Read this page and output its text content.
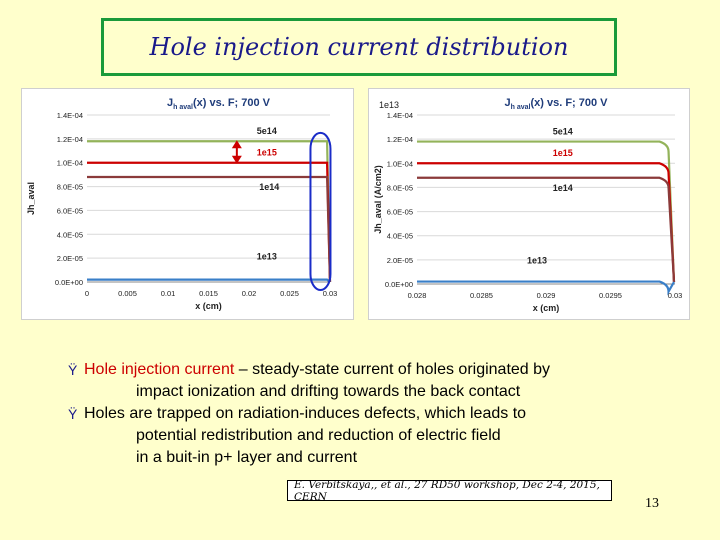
Hole injection current distribution
0.0E+00
2.0E-05
4.0E-05
6.0E-05
8.0E-05
1.0E-04
1.2E-04
1.4E-04
0	0.005	0.01	0.015	0.02	0.025	0.03
x (cm)
Jh_aval
$J_{h aval}(x)$ vs. F; 700 V
5e14
1e15
1e14
1e13
0.0E+00
2.0E-05
4.0E-05
6.0E-05
8.0E-05
1.0E-04
1.2E-04
1.4E-04
0.028	0.0285	0.029	0.0295	0.03
x (cm)
Jh_aval (A/cm2)
$J_{h aval}(x)$ vs. F; 700 V
1e13
5e14
1e15
1e14
1e13
Ÿ Hole injection current – steady-state current of holes originated by
impact ionization and drifting towards the back contact
Ÿ Holes are trapped on radiation-induces defects, which leads to
potential redistribution and reduction of electric field
in a buit-in p+ layer and current
E. Verbitskaya,, et al., 27 RD50 workshop, Dec 2-4, 2015, CERN	13
